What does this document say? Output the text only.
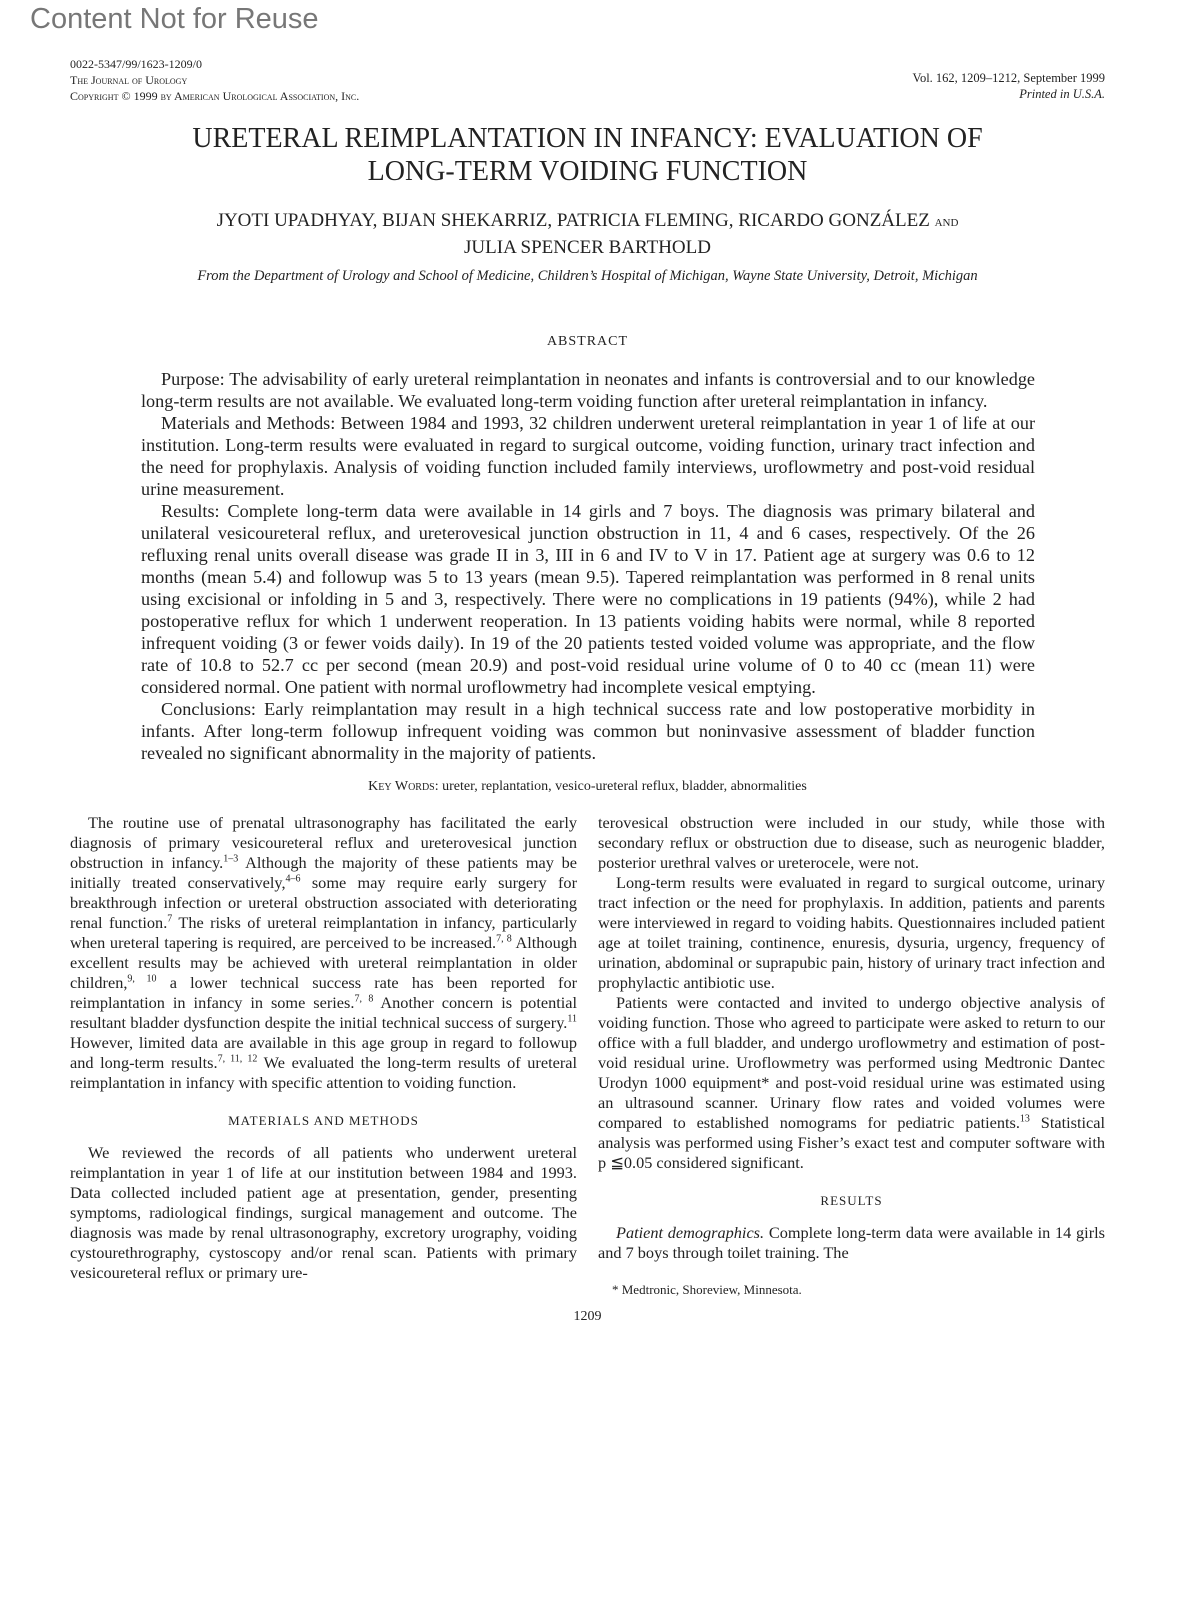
Content Not for Reuse
0022-5347/99/1623-1209/0
The Journal of Urology
Copyright © 1999 by American Urological Association, Inc.
Vol. 162, 1209–1212, September 1999
Printed in U.S.A.
URETERAL REIMPLANTATION IN INFANCY: EVALUATION OF LONG-TERM VOIDING FUNCTION
JYOTI UPADHYAY, BIJAN SHEKARRIZ, PATRICIA FLEMING, RICARDO GONZÁLEZ and
JULIA SPENCER BARTHOLD
From the Department of Urology and School of Medicine, Children’s Hospital of Michigan, Wayne State University, Detroit, Michigan
ABSTRACT

Purpose: The advisability of early ureteral reimplantation in neonates and infants is controversial and to our knowledge long-term results are not available. We evaluated long-term voiding function after ureteral reimplantation in infancy.

Materials and Methods: Between 1984 and 1993, 32 children underwent ureteral reimplantation in year 1 of life at our institution. Long-term results were evaluated in regard to surgical outcome, voiding function, urinary tract infection and the need for prophylaxis. Analysis of voiding function included family interviews, uroflowmetry and post-void residual urine measurement.

Results: Complete long-term data were available in 14 girls and 7 boys. The diagnosis was primary bilateral and unilateral vesicoureteral reflux, and ureterovesical junction obstruction in 11, 4 and 6 cases, respectively. Of the 26 refluxing renal units overall disease was grade II in 3, III in 6 and IV to V in 17. Patient age at surgery was 0.6 to 12 months (mean 5.4) and followup was 5 to 13 years (mean 9.5). Tapered reimplantation was performed in 8 renal units using excisional or infolding in 5 and 3, respectively. There were no complications in 19 patients (94%), while 2 had postoperative reflux for which 1 underwent reoperation. In 13 patients voiding habits were normal, while 8 reported infrequent voiding (3 or fewer voids daily). In 19 of the 20 patients tested voided volume was appropriate, and the flow rate of 10.8 to 52.7 cc per second (mean 20.9) and post-void residual urine volume of 0 to 40 cc (mean 11) were considered normal. One patient with normal uroflowmetry had incomplete vesical emptying.

Conclusions: Early reimplantation may result in a high technical success rate and low postoperative morbidity in infants. After long-term followup infrequent voiding was common but noninvasive assessment of bladder function revealed no significant abnormality in the majority of patients.

Key Words: ureter, replantation, vesico-ureteral reflux, bladder, abnormalities

The routine use of prenatal ultrasonography has facilitated the early diagnosis of primary vesicoureteral reflux and ureterovesical junction obstruction in infancy.$^{1-3}$ Although the majority of these patients may be initially treated conservatively,$^{4-6}$ some may require early surgery for breakthrough infection or ureteral obstruction associated with deteriorating renal function.$^7$ The risks of ureteral reimplantation in infancy, particularly when ureteral tapering is required, are perceived to be increased.$^{7, 8}$ Although excellent results may be achieved with ureteral reimplantation in older children,$^{9, 10}$ a lower technical success rate has been reported for reimplantation in infancy in some series.$^{7, 8}$ Another concern is potential resultant bladder dysfunction despite the initial technical success of surgery.$^{11}$ However, limited data are available in this age group in regard to followup and long-term results.$^{7, 11, 12}$ We evaluated the long-term results of ureteral reimplantation in infancy with specific attention to voiding function.

MATERIALS AND METHODS

We reviewed the records of all patients who underwent ureteral reimplantation in year 1 of life at our institution between 1984 and 1993. Data collected included patient age at presentation, gender, presenting symptoms, radiological findings, surgical management and outcome. The diagnosis was made by renal ultrasonography, excretory urography, voiding cystourethrography, cystoscopy and/or renal scan. Patients with primary vesicoureteral reflux or primary ure-

terovesical obstruction were included in our study, while those with secondary reflux or obstruction due to disease, such as neurogenic bladder, posterior urethral valves or ureterocele, were not.

Long-term results were evaluated in regard to surgical outcome, urinary tract infection or the need for prophylaxis. In addition, patients and parents were interviewed in regard to voiding habits. Questionnaires included patient age at toilet training, continence, enuresis, dysuria, urgency, frequency of urination, abdominal or suprapubic pain, history of urinary tract infection and prophylactic antibiotic use.

Patients were contacted and invited to undergo objective analysis of voiding function. Those who agreed to participate were asked to return to our office with a full bladder, and undergo uroflowmetry and estimation of post-void residual urine. Uroflowmetry was performed using Medtronic Dantec Urodyn 1000 equipment* and post-void residual urine was estimated using an ultrasound scanner. Urinary flow rates and voided volumes were compared to established nomograms for pediatric patients.$^{13}$ Statistical analysis was performed using Fisher’s exact test and computer software with p ≦0.05 considered significant.

RESULTS

Patient demographics. Complete long-term data were available in 14 girls and 7 boys through toilet training. The

* Medtronic, Shoreview, Minnesota.
1209
